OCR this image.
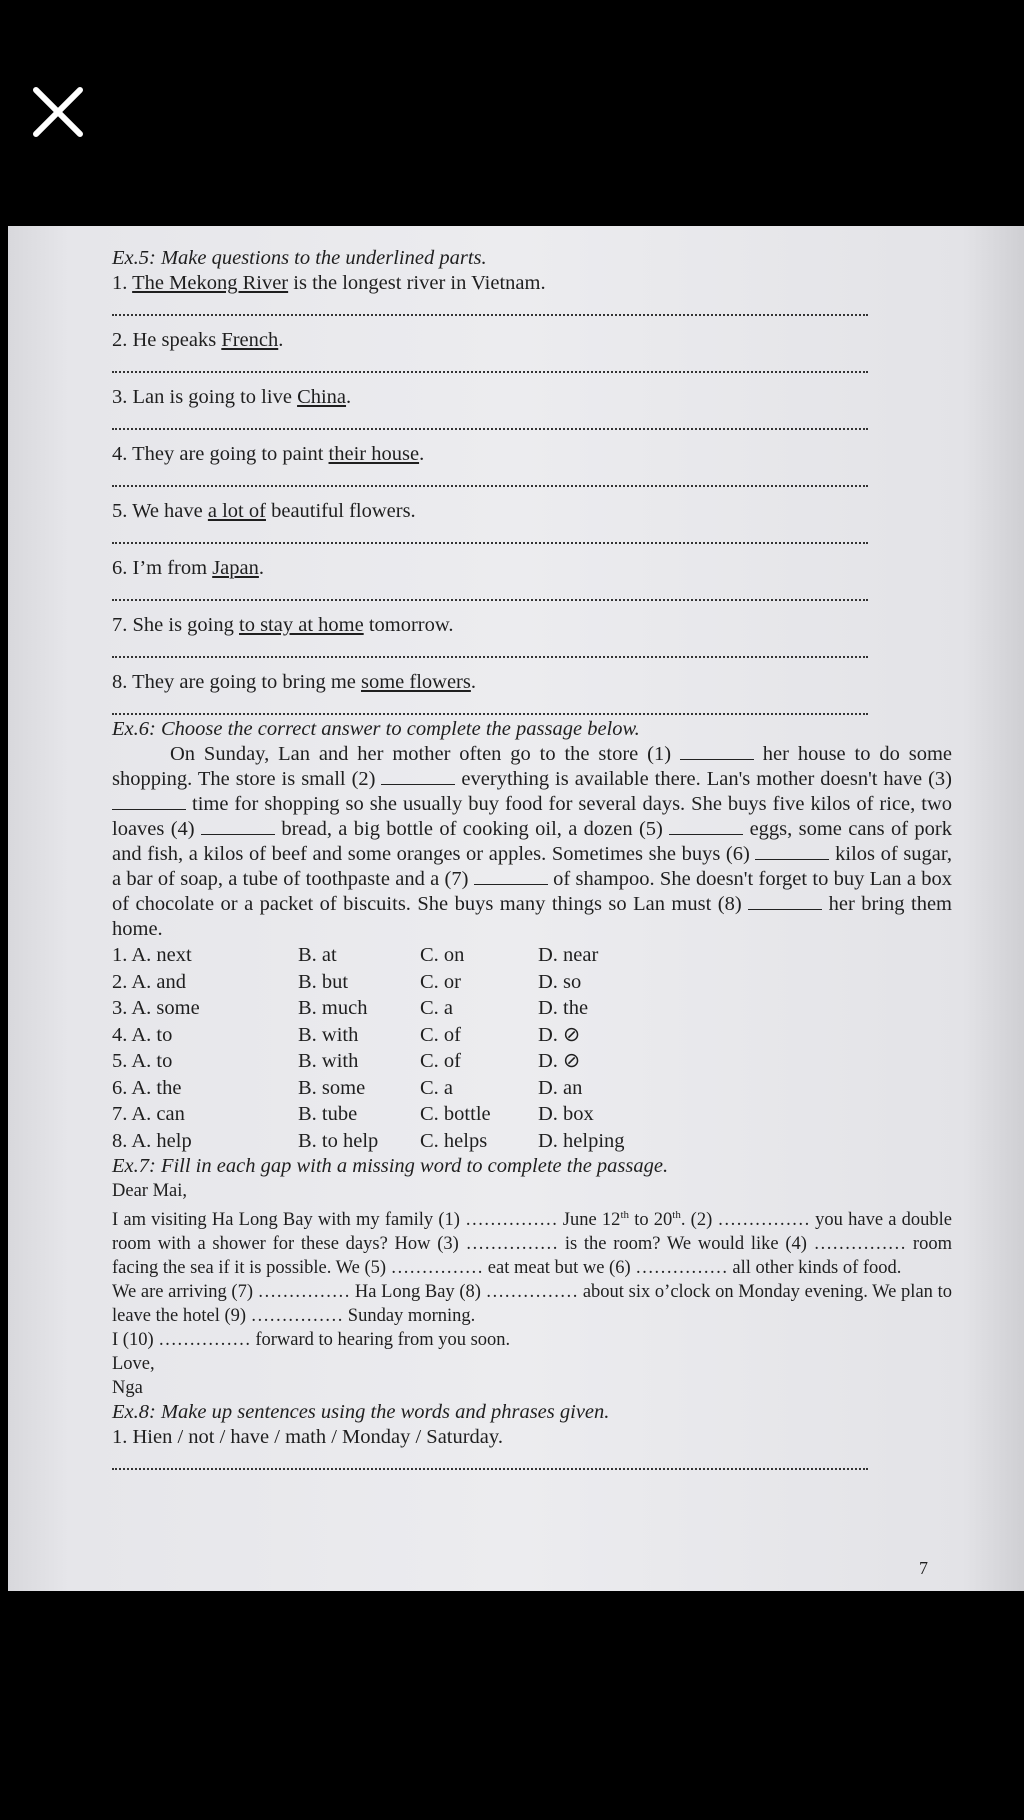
Ex.5: Make questions to the underlined parts.
1. The Mekong River is the longest river in Vietnam.
2. He speaks French.
3. Lan is going to live China.
4. They are going to paint their house.
5. We have a lot of beautiful flowers.
6. I’m from Japan.
7. She is going to stay at home tomorrow.
8. They are going to bring me some flowers.
Ex.6: Choose the correct answer to complete the passage below.
On Sunday, Lan and her mother often go to the store (1)	her house to do some shopping. The store is small (2)	everything is available there. Lan's mother doesn't have (3)  time for shopping so she usually buy food for several days. She buys five kilos of rice, two loaves (4)	bread, a big bottle of cooking oil, a dozen (5)	eggs, some cans of pork and fish, a kilos of beef and some oranges or apples. Sometimes she buys (6)	kilos of sugar, a bar of soap, a tube of toothpaste and a (7)	of shampoo. She doesn't forget to buy Lan a box of chocolate or a packet of biscuits. She buys many things so Lan must (8)	her bring them home.
1. A. next	B. at	C. on	D. near
2. A. and	B. but	C. or	D. so
3. A. some	B. much	C. a	D. the
4. A. to	B. with	C. of	D. ⊘
5. A. to	B. with	C. of	D. ⊘
6. A. the	B. some	C. a	D. an
7. A. can	B. tube	C. bottle	D. box
8. A. help	B. to help	C. helps	D. helping
Ex.7: Fill in each gap with a missing word to complete the passage.
Dear Mai,
I am visiting Ha Long Bay with my family (1) …………… June 12th to 20th. (2) …………… you have a double room with a shower for these days? How (3) …………… is the room? We would like (4) …………… room facing the sea if it is possible. We (5) …………… eat meat but we (6) …………… all other kinds of food.
We are arriving (7) …………… Ha Long Bay (8) …………… about six o’clock on Monday evening. We plan to leave the hotel (9) …………… Sunday morning.
I (10) …………… forward to hearing from you soon.
Love,
Nga
Ex.8: Make up sentences using the words and phrases given.
1. Hien / not / have / math / Monday / Saturday.
7
